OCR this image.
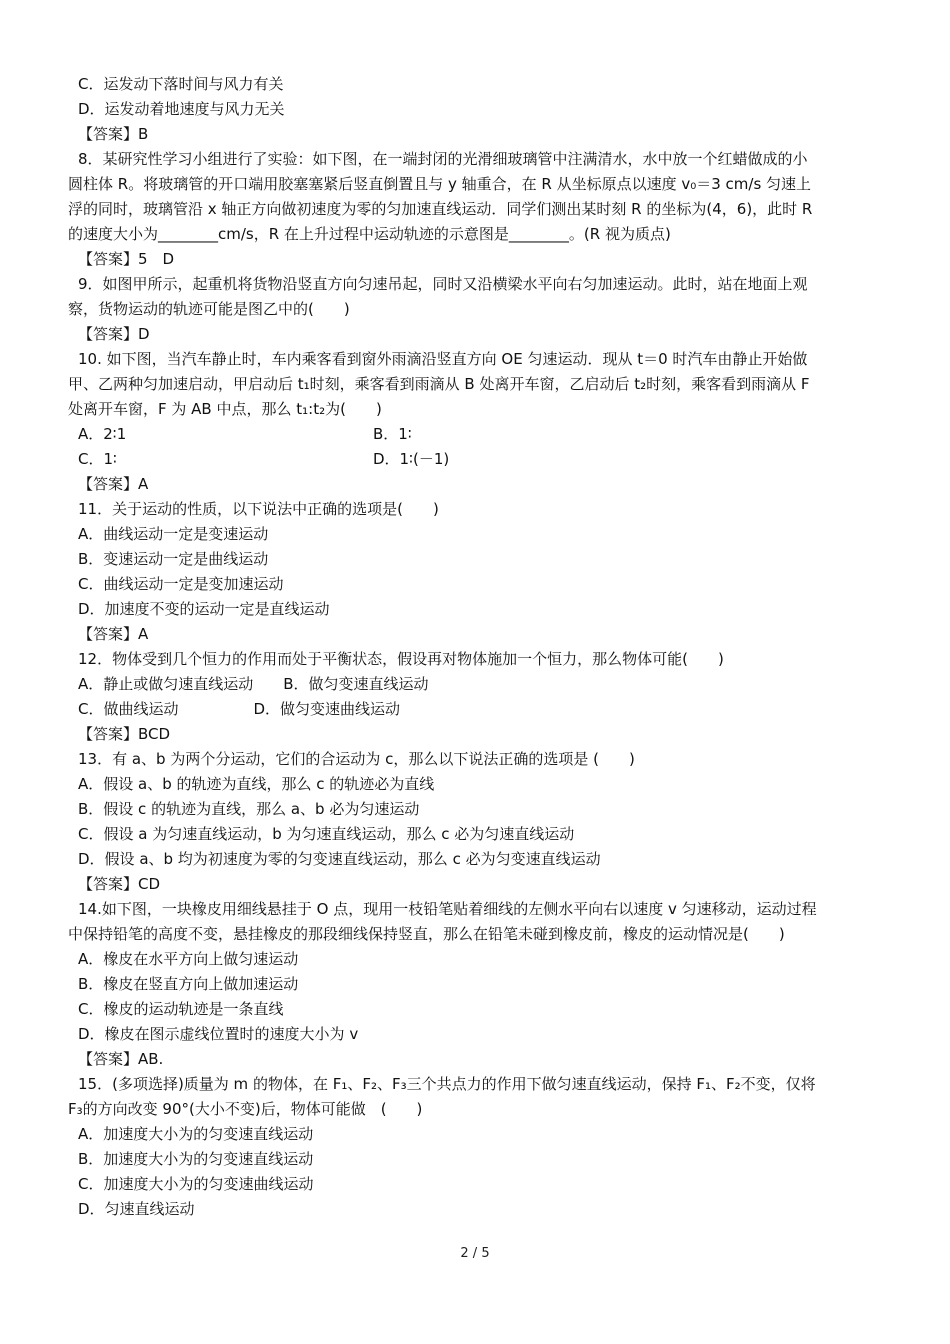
C．运发动下落时间与风力有关
D．运发动着地速度与风力无关
【答案】B
8．某研究性学习小组进行了实验：如下图，在一端封闭的光滑细玻璃管中注满清水，水中放一个红蜡做成的小
圆柱体 R。将玻璃管的开口端用胶塞塞紧后竖直倒置且与 y 轴重合，在 R 从坐标原点以速度 v₀＝3 cm/s 匀速上
浮的同时，玻璃管沿 x 轴正方向做初速度为零的匀加速直线运动．同学们测出某时刻 R 的坐标为(4，6)，此时 R
的速度大小为________cm/s，R 在上升过程中运动轨迹的示意图是________。(R 视为质点)
【答案】5　D
9．如图甲所示，起重机将货物沿竖直方向匀速吊起，同时又沿横梁水平向右匀加速运动。此时，站在地面上观
察，货物运动的轨迹可能是图乙中的(　　)
【答案】D
10. 如下图，当汽车静止时，车内乘客看到窗外雨滴沿竖直方向 OE 匀速运动．现从 t＝0 时汽车由静止开始做
甲、乙两种匀加速启动，甲启动后 t₁时刻，乘客看到雨滴从 B 处离开车窗，乙启动后 t₂时刻，乘客看到雨滴从 F
处离开车窗，F 为 AB 中点，那么 t₁:t₂为(　　)
A．2∶1	B．1∶
C．1∶	D．1∶(－1)
【答案】A
11．关于运动的性质，以下说法中正确的选项是(　　)
A．曲线运动一定是变速运动
B．变速运动一定是曲线运动
C．曲线运动一定是变加速运动
D．加速度不变的运动一定是直线运动
【答案】A
12．物体受到几个恒力的作用而处于平衡状态，假设再对物体施加一个恒力，那么物体可能(　　)
A．静止或做匀速直线运动　　B．做匀变速直线运动
C．做曲线运动　　　　　D．做匀变速曲线运动
【答案】BCD
13．有 a、b 为两个分运动，它们的合运动为 c，那么以下说法正确的选项是 (　　)
A．假设 a、b 的轨迹为直线，那么 c 的轨迹必为直线
B．假设 c 的轨迹为直线，那么 a、b 必为匀速运动
C．假设 a 为匀速直线运动，b 为匀速直线运动，那么 c 必为匀速直线运动
D．假设 a、b 均为初速度为零的匀变速直线运动，那么 c 必为匀变速直线运动
【答案】CD
14.如下图，一块橡皮用细线悬挂于 O 点，现用一枝铅笔贴着细线的左侧水平向右以速度 v 匀速移动，运动过程
中保持铅笔的高度不变，悬挂橡皮的那段细线保持竖直，那么在铅笔未碰到橡皮前，橡皮的运动情况是(　　)
A．橡皮在水平方向上做匀速运动
B．橡皮在竖直方向上做加速运动
C．橡皮的运动轨迹是一条直线
D．橡皮在图示虚线位置时的速度大小为 v
【答案】AB.
15．(多项选择)质量为 m 的物体，在 F₁、F₂、F₃三个共点力的作用下做匀速直线运动，保持 F₁、F₂不变，仅将
F₃的方向改变 90°(大小不变)后，物体可能做　(　　)
A．加速度大小为的匀变速直线运动
B．加速度大小为的匀变速直线运动
C．加速度大小为的匀变速曲线运动
D．匀速直线运动
2 / 5
